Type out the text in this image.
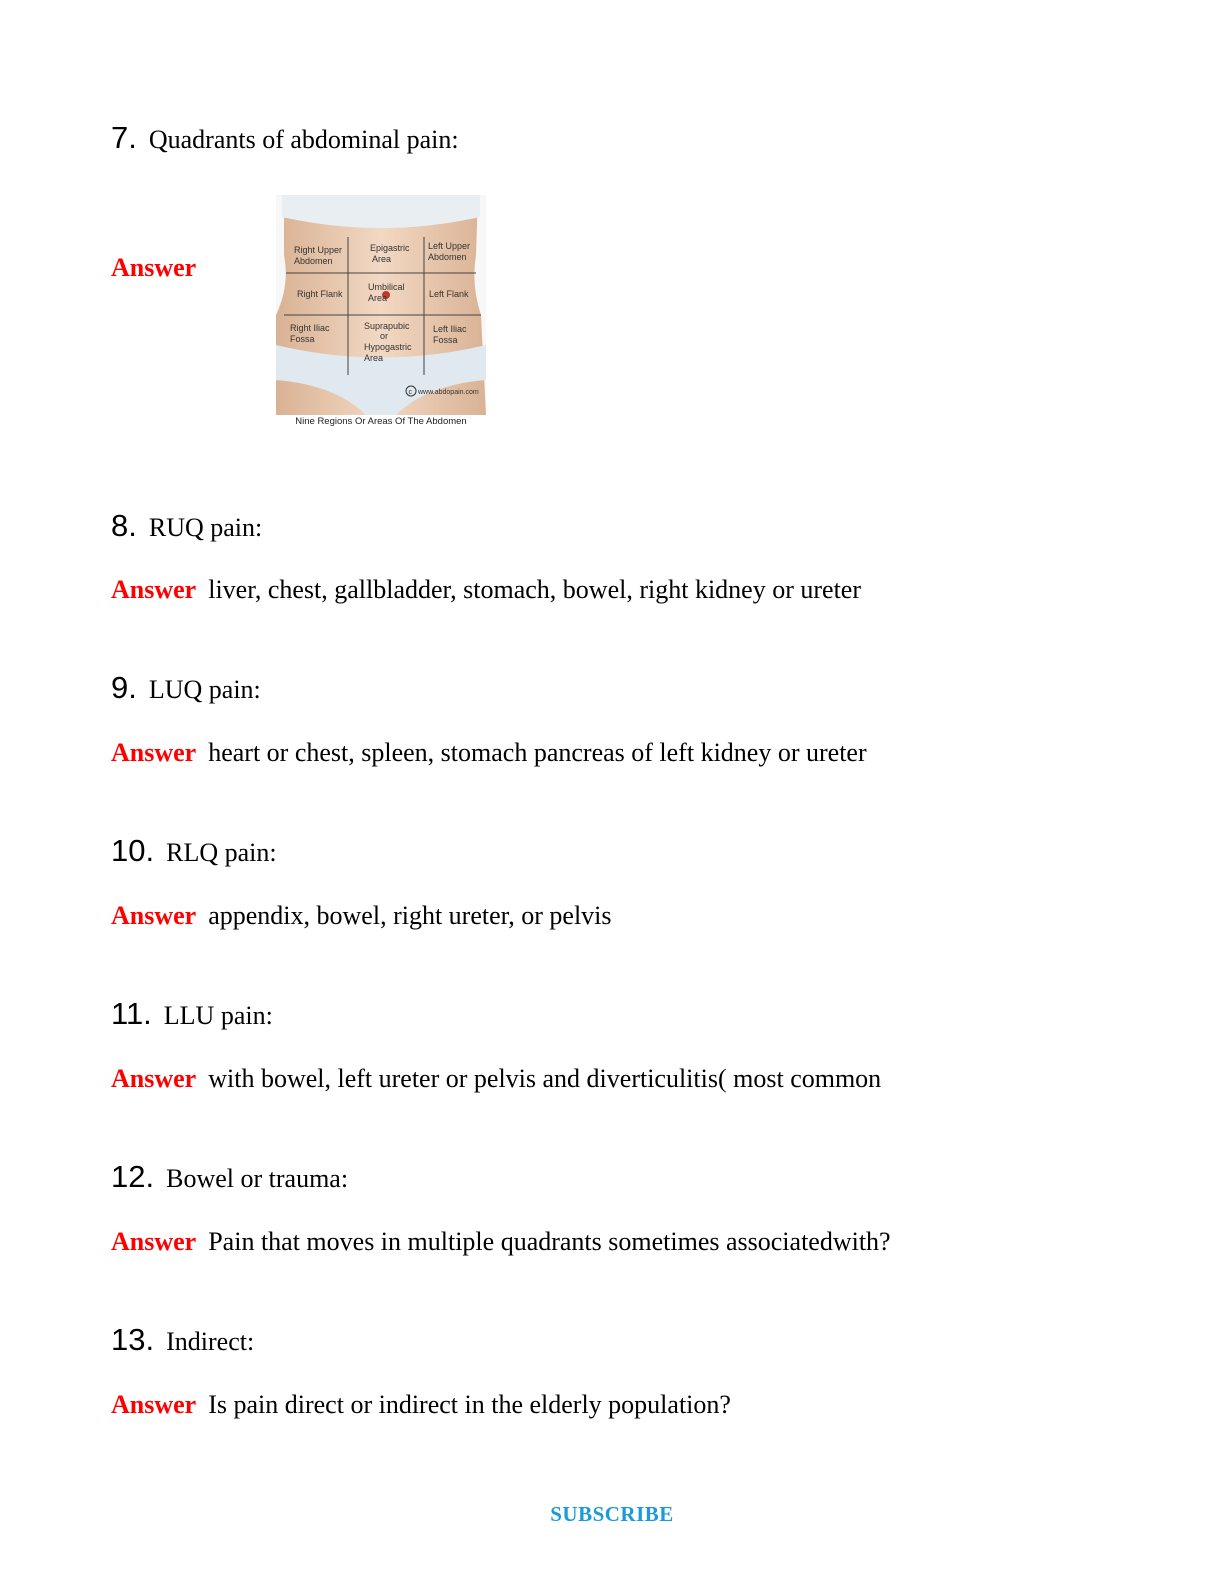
7. Quadrants of abdominal pain:
Answer
Right Upper
Abdomen
Epigastric
Area
Left Upper
Abdomen
Right Flank
Umbilical
Area	Left Flank
Right Iliac
Fossa
Suprapubic
or
Hypogastric
Area
Left Iliac
Fossa
c www.abdopain.com
Nine Regions Or Areas Of The Abdomen
8. RUQ pain:
Answer liver, chest, gallbladder, stomach, bowel, right kidney or ureter
9. LUQ pain:
Answer heart or chest, spleen, stomach pancreas of left kidney or ureter
10. RLQ pain:
Answer appendix, bowel, right ureter, or pelvis
11. LLU pain:
Answer with bowel, left ureter or pelvis and diverticulitis( most common
12. Bowel or trauma:
Answer Pain that moves in multiple quadrants sometimes associatedwith?
13. Indirect:
Answer Is pain direct or indirect in the elderly population?
SUBSCRIBE
